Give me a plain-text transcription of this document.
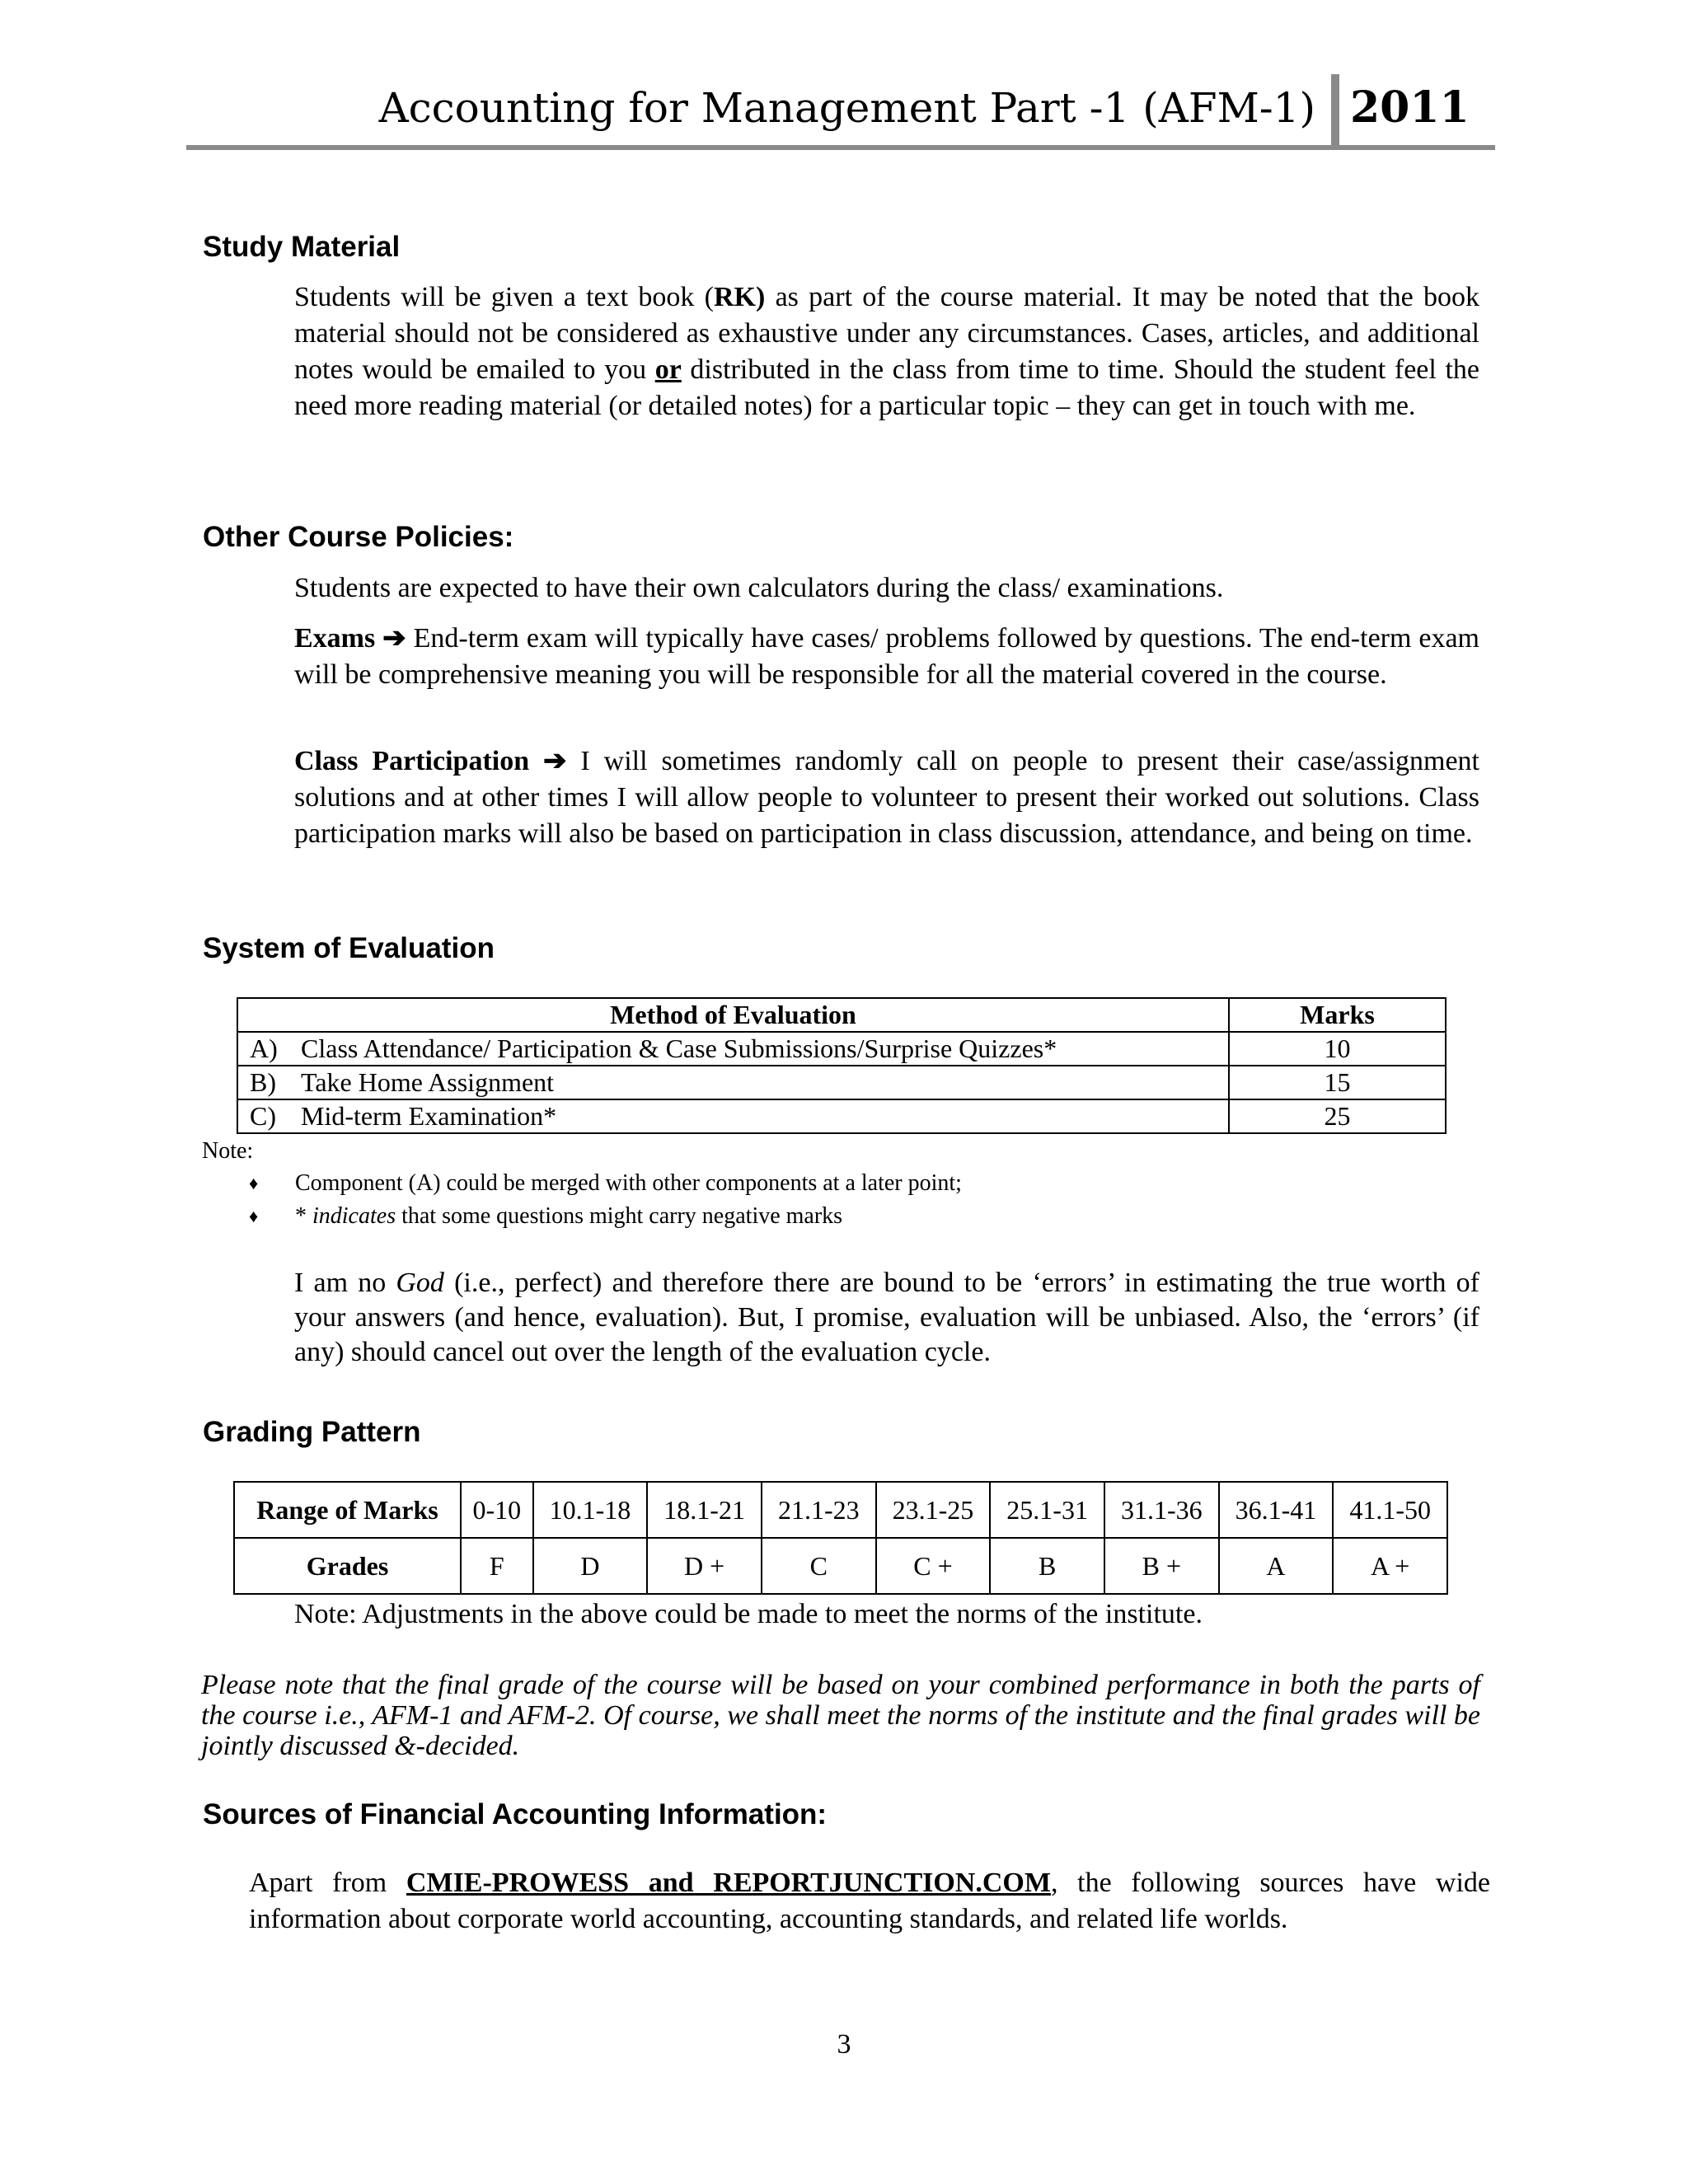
Accounting for Management Part -1 (AFM-1) 2011
Study Material

Students will be given a text book (RK) as part of the course material. It may be noted that the book material should not be considered as exhaustive under any circumstances. Cases, articles, and additional notes would be emailed to you or distributed in the class from time to time. Should the student feel the need more reading material (or detailed notes) for a particular topic – they can get in touch with me.

Other Course Policies:

Students are expected to have their own calculators during the class/ examinations.

Exams ➔ End-term exam will typically have cases/ problems followed by questions. The end-term exam will be comprehensive meaning you will be responsible for all the material covered in the course.

Class Participation ➔ I will sometimes randomly call on people to present their case/assignment solutions and at other times I will allow people to volunteer to present their worked out solutions. Class participation marks will also be based on participation in class discussion, attendance, and being on time.

System of Evaluation
Method of Evaluation	Marks
A) Class Attendance/ Participation & Case Submissions/Surprise Quizzes*	10
B) Take Home Assignment	15
C) Mid-term Examination*	25
Note:
♦ Component (A) could be merged with other components at a later point;
♦ * indicates that some questions might carry negative marks

I am no God (i.e., perfect) and therefore there are bound to be ‘errors’ in estimating the true worth of your answers (and hence, evaluation). But, I promise, evaluation will be unbiased. Also, the ‘errors’ (if any) should cancel out over the length of the evaluation cycle.

Grading Pattern
Range of Marks	0-10	10.1-18	18.1-21	21.1-23	23.1-25	25.1-31	31.1-36	36.1-41	41.1-50
Grades	F	D	D +	C	C +	B	B +	A	A +

Note: Adjustments in the above could be made to meet the norms of the institute.

Please note that the final grade of the course will be based on your combined performance in both the parts of the course i.e., AFM-1 and AFM-2. Of course, we shall meet the norms of the institute and the final grades will be jointly discussed &-decided.

Sources of Financial Accounting Information:

Apart from CMIE-PROWESS and REPORTJUNCTION.COM, the following sources have wide information about corporate world accounting, accounting standards, and related life worlds.

3
